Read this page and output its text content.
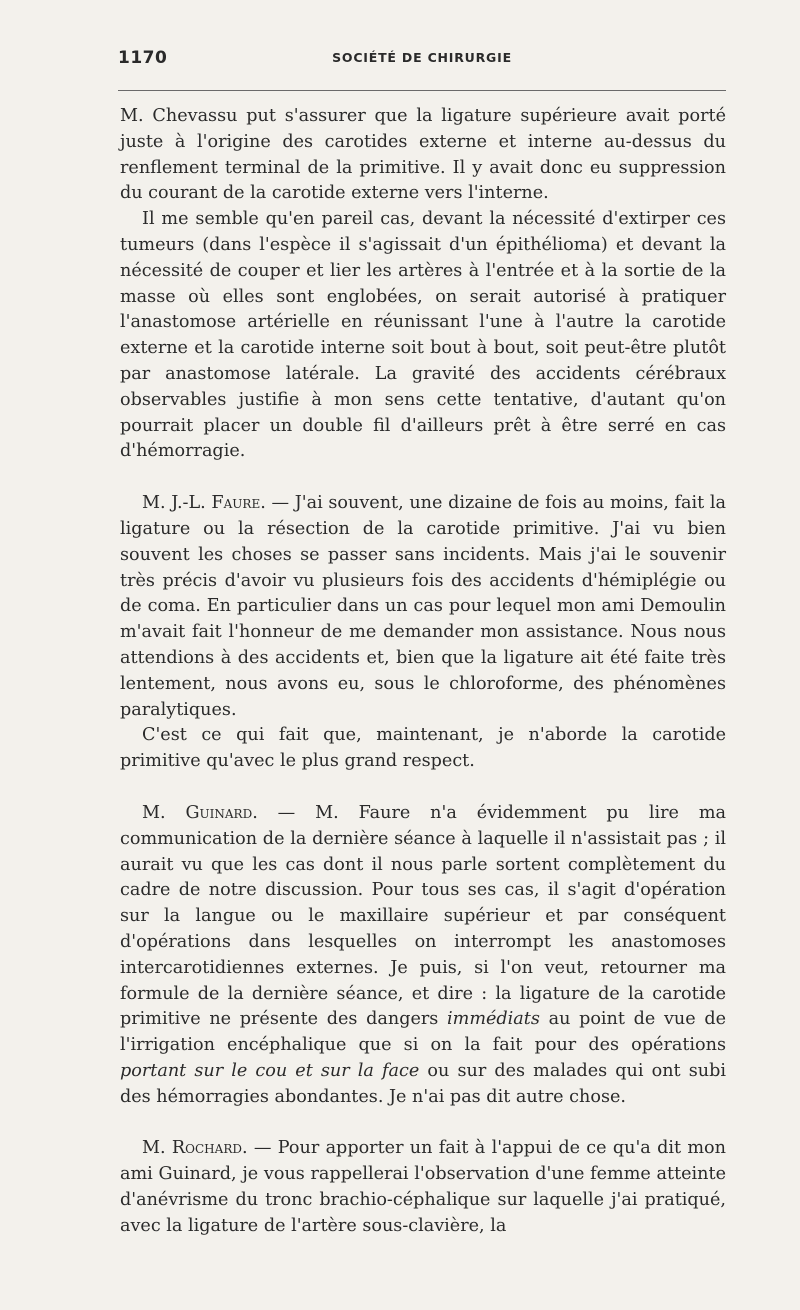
1170	SOCIÉTÉ DE CHIRURGIE

M. Chevassu put s'assurer que la ligature supérieure avait porté juste à l'origine des carotides externe et interne au-dessus du renflement terminal de la primitive. Il y avait donc eu suppression du courant de la carotide externe vers l'interne.

Il me semble qu'en pareil cas, devant la nécessité d'extirper ces tumeurs (dans l'espèce il s'agissait d'un épithélioma) et devant la nécessité de couper et lier les artères à l'entrée et à la sortie de la masse où elles sont englobées, on serait autorisé à pratiquer l'anastomose artérielle en réunissant l'une à l'autre la carotide externe et la carotide interne soit bout à bout, soit peut-être plutôt par anastomose latérale. La gravité des accidents cérébraux observables justifie à mon sens cette tentative, d'autant qu'on pourrait placer un double fil d'ailleurs prêt à être serré en cas d'hémorragie.

M. J.-L. Faure. — J'ai souvent, une dizaine de fois au moins, fait la ligature ou la résection de la carotide primitive. J'ai vu bien souvent les choses se passer sans incidents. Mais j'ai le souvenir très précis d'avoir vu plusieurs fois des accidents d'hémiplégie ou de coma. En particulier dans un cas pour lequel mon ami Demoulin m'avait fait l'honneur de me demander mon assistance. Nous nous attendions à des accidents et, bien que la ligature ait été faite très lentement, nous avons eu, sous le chloroforme, des phénomènes paralytiques.

C'est ce qui fait que, maintenant, je n'aborde la carotide primitive qu'avec le plus grand respect.

M. Guinard. — M. Faure n'a évidemment pu lire ma communication de la dernière séance à laquelle il n'assistait pas ; il aurait vu que les cas dont il nous parle sortent complètement du cadre de notre discussion. Pour tous ses cas, il s'agit d'opération sur la langue ou le maxillaire supérieur et par conséquent d'opérations dans lesquelles on interrompt les anastomoses intercarotidiennes externes. Je puis, si l'on veut, retourner ma formule de la dernière séance, et dire : la ligature de la carotide primitive ne présente des dangers immédiats au point de vue de l'irrigation encéphalique que si on la fait pour des opérations portant sur le cou et sur la face ou sur des malades qui ont subi des hémorragies abondantes. Je n'ai pas dit autre chose.

M. Rochard. — Pour apporter un fait à l'appui de ce qu'a dit mon ami Guinard, je vous rappellerai l'observation d'une femme atteinte d'anévrisme du tronc brachio-céphalique sur laquelle j'ai pratiqué, avec la ligature de l'artère sous-clavière, la
